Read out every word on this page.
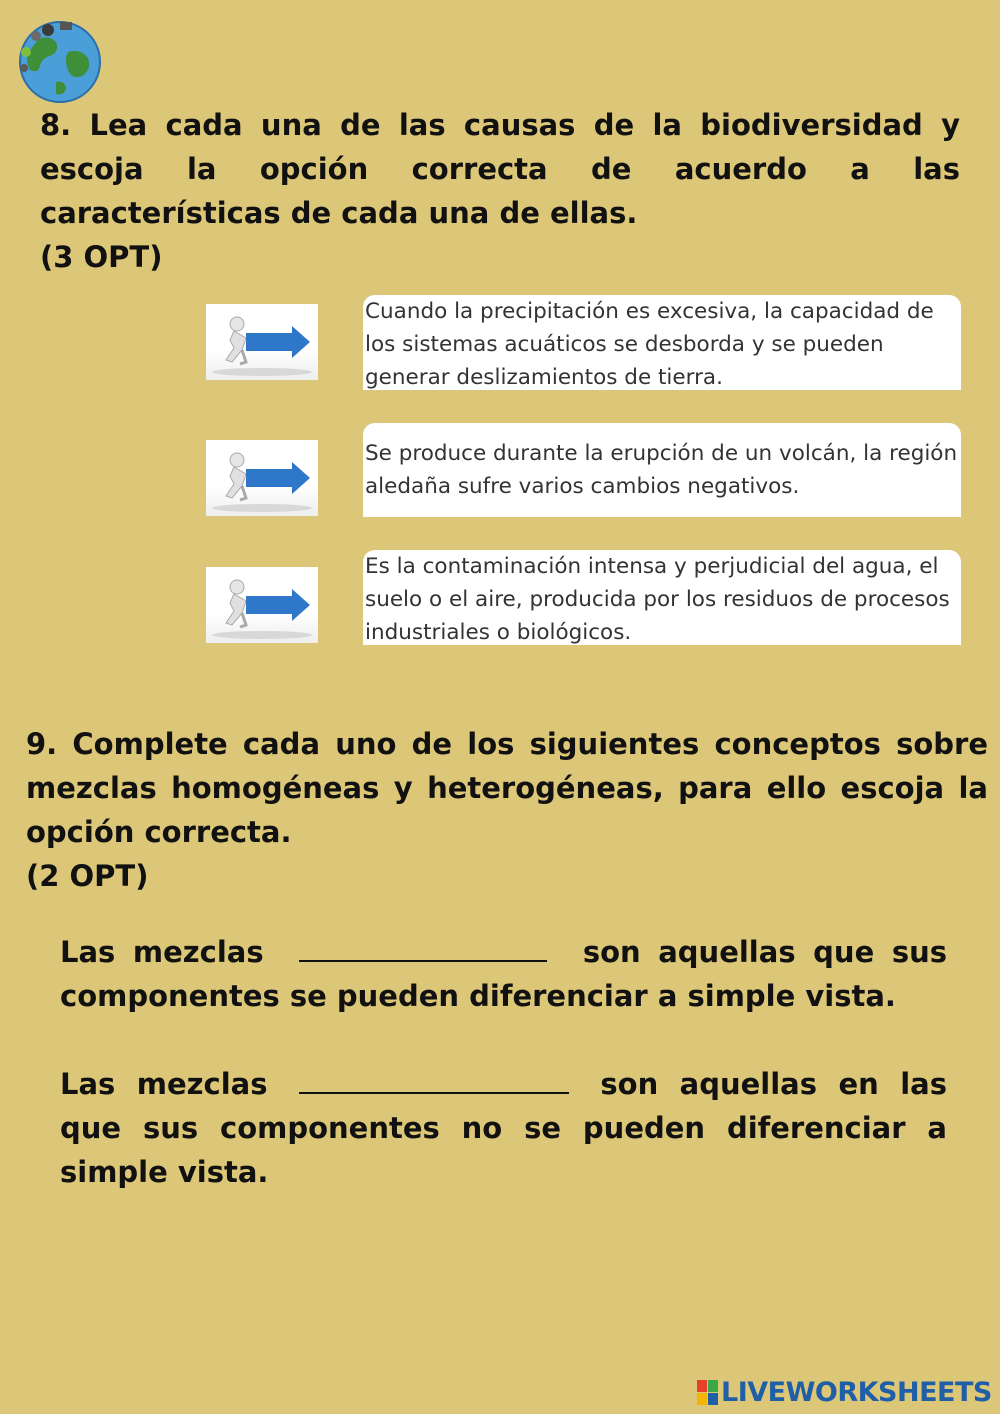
8. Lea cada una de las causas de la biodiversidad y escoja la opción correcta de acuerdo a las características de cada una de ellas.

(3 OPT)

Cuando la precipitación es excesiva, la capacidad de los sistemas acuáticos se desborda y se pueden generar deslizamientos de tierra.
Se produce durante la erupción de un volcán, la región aledaña sufre varios cambios negativos.
Es la contaminación intensa y perjudicial del agua, el suelo o el aire, producida por los residuos de procesos industriales o biológicos.

9. Complete cada uno de los siguientes conceptos sobre mezclas homogéneas y heterogéneas, para ello escoja la opción correcta.

(2 OPT)

Las mezclas	son aquellas que sus componentes se pueden diferenciar a simple vista.

Las mezclas	son aquellas en las que sus componentes no se pueden diferenciar a simple vista.

LIVEWORKSHEETS
